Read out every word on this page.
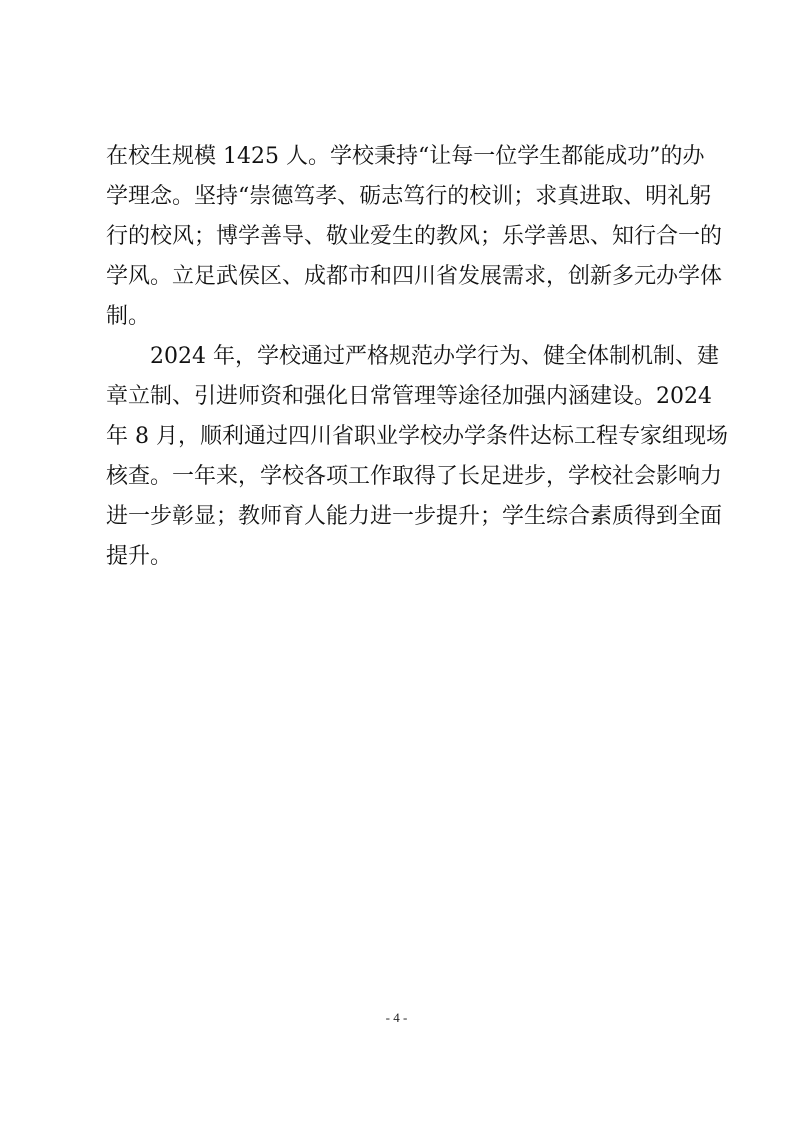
在校生规模 1425 人。学校秉持“让每一位学生都能成功”的办
学理念。坚持“崇德笃孝、砺志笃行的校训；求真进取、明礼躬
行的校风；博学善导、敬业爱生的教风；乐学善思、知行合一的
学风。立足武侯区、成都市和四川省发展需求，创新多元办学体
制。
2024 年，学校通过严格规范办学行为、健全体制机制、建
章立制、引进师资和强化日常管理等途径加强内涵建设。2024
年 8 月，顺利通过四川省职业学校办学条件达标工程专家组现场
核查。一年来，学校各项工作取得了长足进步，学校社会影响力
进一步彰显；教师育人能力进一步提升；学生综合素质得到全面
提升。
- 4 -
